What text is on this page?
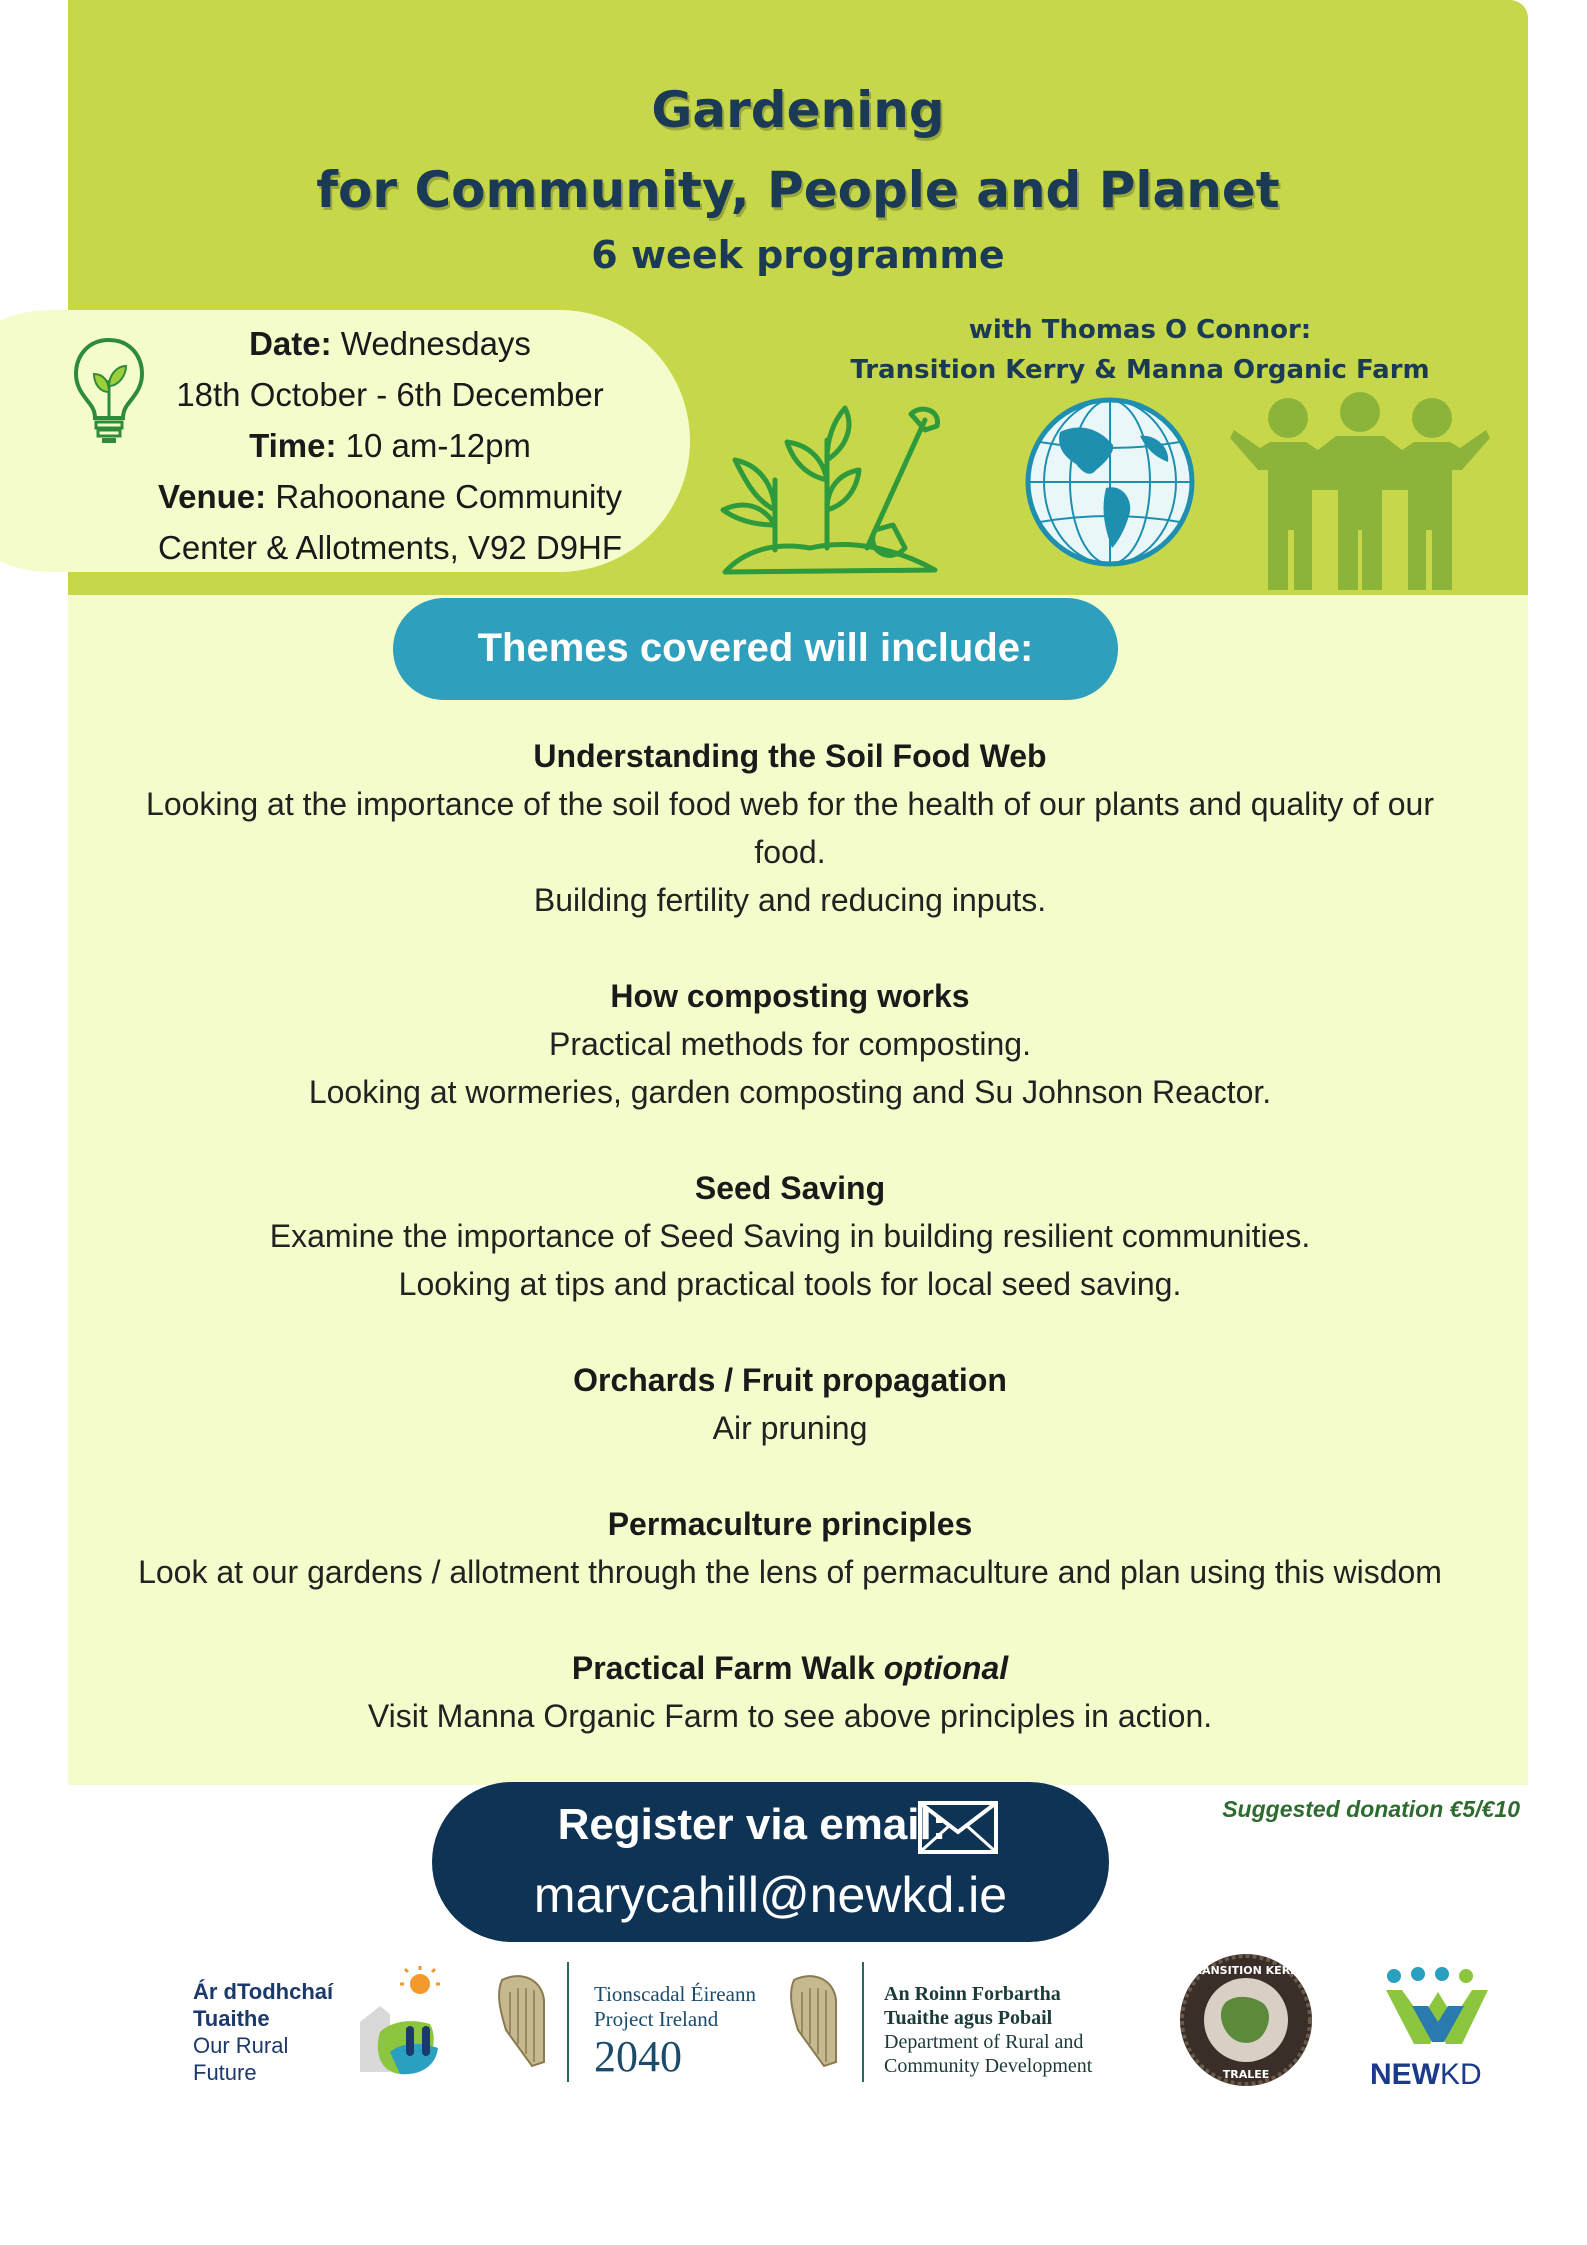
Gardening
for Community, People and Planet
6 week programme
Date: Wednesdays
18th October - 6th December
Time: 10 am-12pm
Venue: Rahoonane Community
Center & Allotments, V92 D9HF
with Thomas O Connor:
Transition Kerry & Manna Organic Farm
Themes covered will include:
Understanding the Soil Food Web
Looking at the importance of the soil food web for the health of our plants and quality of our
food.
Building fertility and reducing inputs.
How composting works
Practical methods for composting.
Looking at wormeries, garden composting and Su Johnson Reactor.
Seed Saving
Examine the importance of Seed Saving in building resilient communities.
Looking at tips and practical tools for local seed saving.
Orchards / Fruit propagation
Air pruning
Permaculture principles
Look at our gardens / allotment through the lens of permaculture and plan using this wisdom
Practical Farm Walk optional
Visit Manna Organic Farm to see above principles in action.
Register via email:
marycahill@newkd.ie
Suggested donation €5/€10
Ár dTodhchaí
Tuaithe
Our Rural
Future
Tionscadal Éireann
Project Ireland
2040
An Roinn Forbartha
Tuaithe agus Pobail
Department of Rural and
Community Development
TRANSITION KERRY
TRALEE	NEWKD
